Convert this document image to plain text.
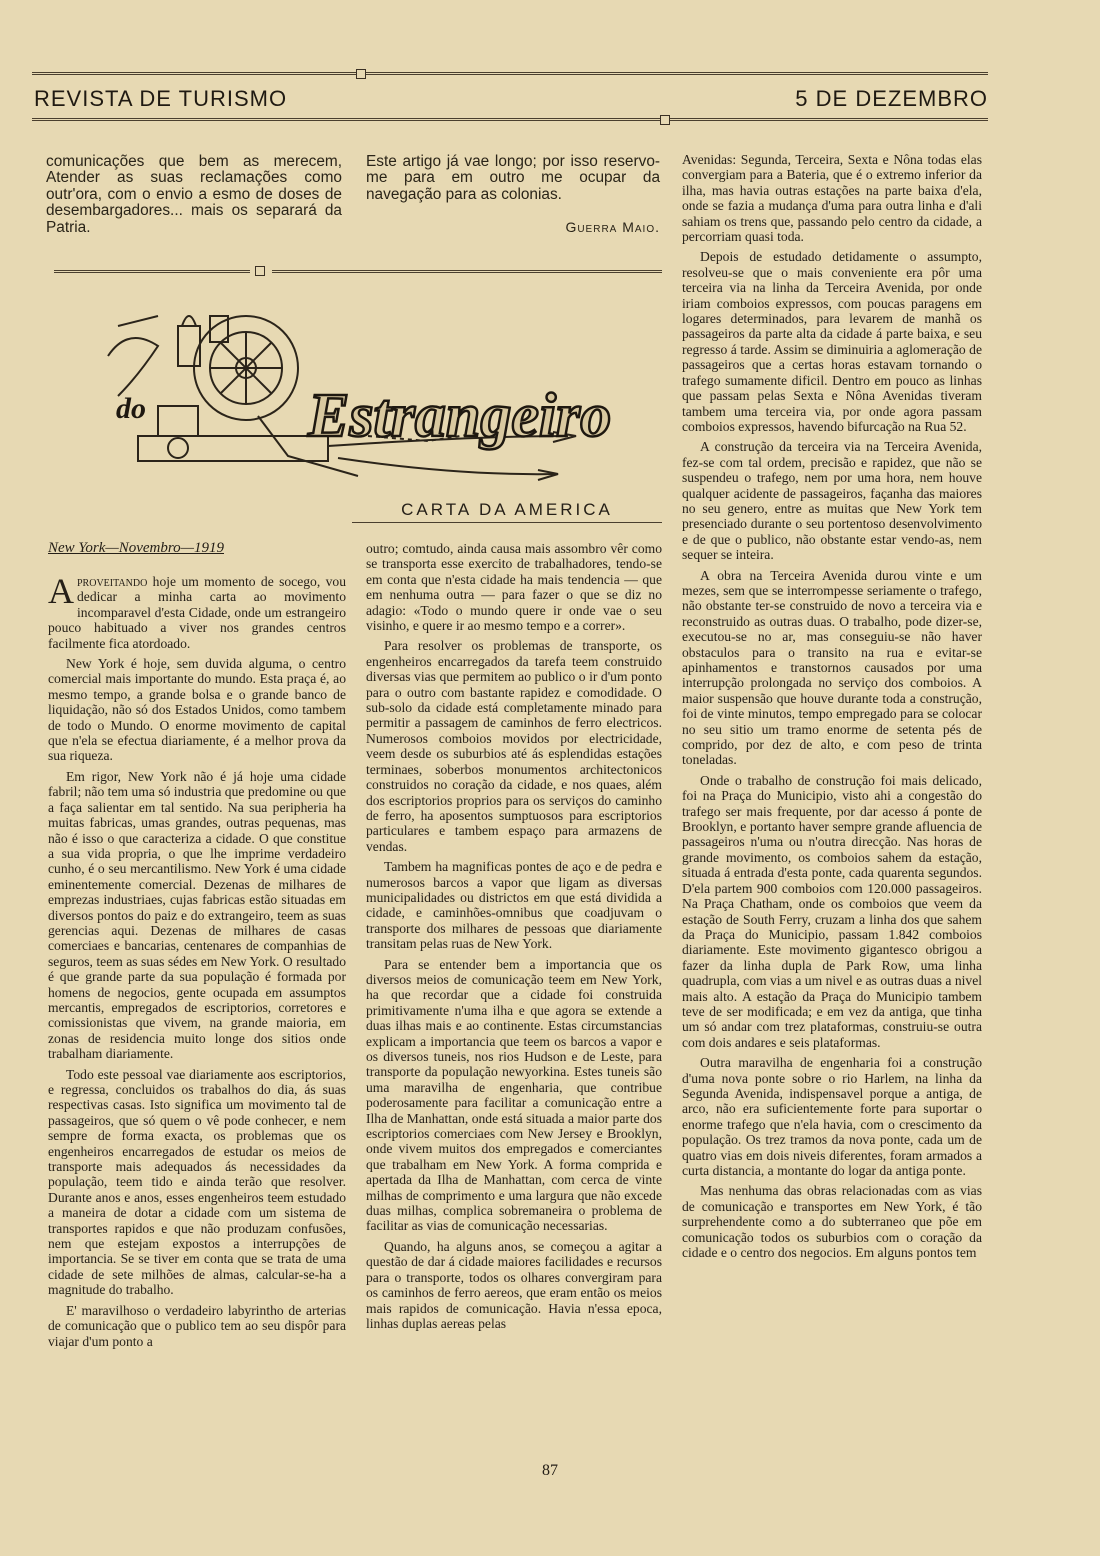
REVISTA DE TURISMO	5 DE DEZEMBRO

comunicações que bem as merecem, Atender as suas reclamações como outr'ora, com o envio a esmo de doses de desembargadores... mais os separará da Patria.

Este artigo já vae longo; por isso reservo-me para em outro me ocupar da navegação para as colonias.

Guerra Maio.
do	Estrangeiro
CARTA DA AMERICA
New York—Novembro—1919

Aproveitando hoje um momento de socego, vou dedicar a minha carta ao movimento incomparavel d'esta Cidade, onde um estrangeiro pouco habituado a viver nos grandes centros facilmente fica atordoado.

New York é hoje, sem duvida alguma, o centro comercial mais importante do mundo. Esta praça é, ao mesmo tempo, a grande bolsa e o grande banco de liquidação, não só dos Estados Unidos, como tambem de todo o Mundo. O enorme movimento de capital que n'ela se efectua diariamente, é a melhor prova da sua riqueza.

Em rigor, New York não é já hoje uma cidade fabril; não tem uma só industria que predomine ou que a faça salientar em tal sentido. Na sua peripheria ha muitas fabricas, umas grandes, outras pequenas, mas não é isso o que caracteriza a cidade. O que constitue a sua vida propria, o que lhe imprime verdadeiro cunho, é o seu mercantilismo. New York é uma cidade eminentemente comercial. Dezenas de milhares de emprezas industriaes, cujas fabricas estão situadas em diversos pontos do paiz e do extrangeiro, teem as suas gerencias aqui. Dezenas de milhares de casas comerciaes e bancarias, centenares de companhias de seguros, teem as suas sédes em New York. O resultado é que grande parte da sua população é formada por homens de negocios, gente ocupada em assumptos mercantis, empregados de escriptorios, corretores e comissionistas que vivem, na grande maioria, em zonas de residencia muito longe dos sitios onde trabalham diariamente.

Todo este pessoal vae diariamente aos escriptorios, e regressa, concluidos os trabalhos do dia, ás suas respectivas casas. Isto significa um movimento tal de passageiros, que só quem o vê pode conhecer, e nem sempre de forma exacta, os problemas que os engenheiros encarregados de estudar os meios de transporte mais adequados ás necessidades da população, teem tido e ainda terão que resolver. Durante anos e anos, esses engenheiros teem estudado a maneira de dotar a cidade com um sistema de transportes rapidos e que não produzam confusões, nem que estejam expostos a interrupções de importancia. Se se tiver em conta que se trata de uma cidade de sete milhões de almas, calcular-se-ha a magnitude do trabalho.

E' maravilhoso o verdadeiro labyrintho de arterias de comunicação que o publico tem ao seu dispôr para viajar d'um ponto a

outro; comtudo, ainda causa mais assombro vêr como se transporta esse exercito de trabalhadores, tendo-se em conta que n'esta cidade ha mais tendencia — que em nenhuma outra — para fazer o que se diz no adagio: «Todo o mundo quere ir onde vae o seu visinho, e quere ir ao mesmo tempo e a correr».

Para resolver os problemas de transporte, os engenheiros encarregados da tarefa teem construido diversas vias que permitem ao publico o ir d'um ponto para o outro com bastante rapidez e comodidade. O sub-solo da cidade está completamente minado para permitir a passagem de caminhos de ferro electricos. Numerosos comboios movidos por electricidade, veem desde os suburbios até ás esplendidas estações terminaes, soberbos monumentos architectonicos construidos no coração da cidade, e nos quaes, além dos escriptorios proprios para os serviços do caminho de ferro, ha aposentos sumptuosos para escriptorios particulares e tambem espaço para armazens de vendas.

Tambem ha magnificas pontes de aço e de pedra e numerosos barcos a vapor que ligam as diversas municipalidades ou districtos em que está dividida a cidade, e caminhões-omnibus que coadjuvam o transporte dos milhares de pessoas que diariamente transitam pelas ruas de New York.

Para se entender bem a importancia que os diversos meios de comunicação teem em New York, ha que recordar que a cidade foi construida primitivamente n'uma ilha e que agora se extende a duas ilhas mais e ao continente. Estas circumstancias explicam a importancia que teem os barcos a vapor e os diversos tuneis, nos rios Hudson e de Leste, para transporte da população newyorkina. Estes tuneis são uma maravilha de engenharia, que contribue poderosamente para facilitar a comunicação entre a Ilha de Manhattan, onde está situada a maior parte dos escriptorios comerciaes com New Jersey e Brooklyn, onde vivem muitos dos empregados e comerciantes que trabalham em New York. A forma comprida e apertada da Ilha de Manhattan, com cerca de vinte milhas de comprimento e uma largura que não excede duas milhas, complica sobremaneira o problema de facilitar as vias de comunicação necessarias.

Quando, ha alguns anos, se começou a agitar a questão de dar á cidade maiores facilidades e recursos para o transporte, todos os olhares convergiram para os caminhos de ferro aereos, que eram então os meios mais rapidos de comunicação. Havia n'essa epoca, linhas duplas aereas pelas

Avenidas: Segunda, Terceira, Sexta e Nôna todas elas convergiam para a Bateria, que é o extremo inferior da ilha, mas havia outras estações na parte baixa d'ela, onde se fazia a mudança d'uma para outra linha e d'ali sahiam os trens que, passando pelo centro da cidade, a percorriam quasi toda.

Depois de estudado detidamente o assumpto, resolveu-se que o mais conveniente era pôr uma terceira via na linha da Terceira Avenida, por onde iriam comboios expressos, com poucas paragens em logares determinados, para levarem de manhã os passageiros da parte alta da cidade á parte baixa, e seu regresso á tarde. Assim se diminuiria a aglomeração de passageiros que a certas horas estavam tornando o trafego sumamente dificil. Dentro em pouco as linhas que passam pelas Sexta e Nôna Avenidas tiveram tambem uma terceira via, por onde agora passam comboios expressos, havendo bifurcação na Rua 52.

A construção da terceira via na Terceira Avenida, fez-se com tal ordem, precisão e rapidez, que não se suspendeu o trafego, nem por uma hora, nem houve qualquer acidente de passageiros, façanha das maiores no seu genero, entre as muitas que New York tem presenciado durante o seu portentoso desenvolvimento e de que o publico, não obstante estar vendo-as, nem sequer se inteira.

A obra na Terceira Avenida durou vinte e um mezes, sem que se interrompesse seriamente o trafego, não obstante ter-se construido de novo a terceira via e reconstruido as outras duas. O trabalho, pode dizer-se, executou-se no ar, mas conseguiu-se não haver obstaculos para o transito na rua e evitar-se apinhamentos e transtornos causados por uma interrupção prolongada no serviço dos comboios. A maior suspensão que houve durante toda a construção, foi de vinte minutos, tempo empregado para se colocar no seu sitio um tramo enorme de setenta pés de comprido, por dez de alto, e com peso de trinta toneladas.

Onde o trabalho de construção foi mais delicado, foi na Praça do Municipio, visto ahi a congestão do trafego ser mais frequente, por dar acesso á ponte de Brooklyn, e portanto haver sempre grande afluencia de passageiros n'uma ou n'outra direcção. Nas horas de grande movimento, os comboios sahem da estação, situada á entrada d'esta ponte, cada quarenta segundos. D'ela partem 900 comboios com 120.000 passageiros. Na Praça Chatham, onde os comboios que veem da estação de South Ferry, cruzam a linha dos que sahem da Praça do Municipio, passam 1.842 comboios diariamente. Este movimento gigantesco obrigou a fazer da linha dupla de Park Row, uma linha quadrupla, com vias a um nivel e as outras duas a nivel mais alto. A estação da Praça do Municipio tambem teve de ser modificada; e em vez da antiga, que tinha um só andar com trez plataformas, construiu-se outra com dois andares e seis plataformas.

Outra maravilha de engenharia foi a construção d'uma nova ponte sobre o rio Harlem, na linha da Segunda Avenida, indispensavel porque a antiga, de arco, não era suficientemente forte para suportar o enorme trafego que n'ela havia, com o crescimento da população. Os trez tramos da nova ponte, cada um de quatro vias em dois niveis diferentes, foram armados a curta distancia, a montante do logar da antiga ponte.

Mas nenhuma das obras relacionadas com as vias de comunicação e transportes em New York, é tão surprehendente como a do subterraneo que põe em comunicação todos os suburbios com o coração da cidade e o centro dos negocios. Em alguns pontos tem

87
